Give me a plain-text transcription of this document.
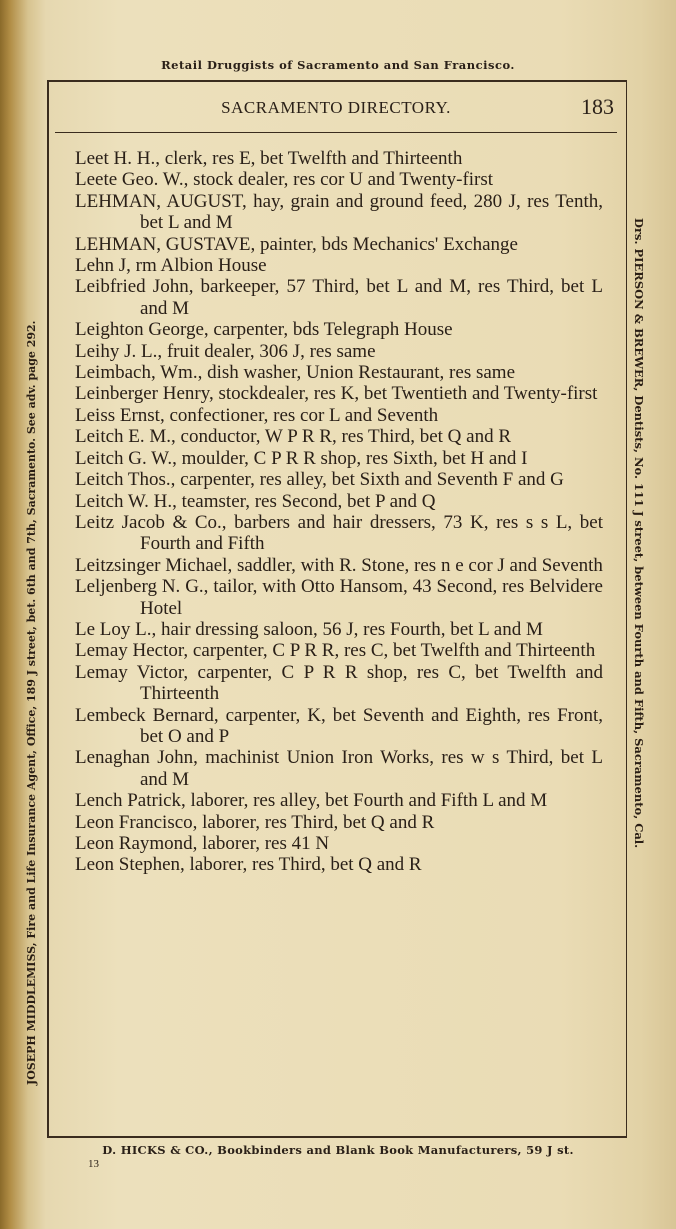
Retail Druggists of Sacramento and San Francisco.
SACRAMENTO DIRECTORY.	183
Leet H. H., clerk, res E, bet Twelfth and Thirteenth
Leete Geo. W., stock dealer, res cor U and Twenty-first
LEHMAN, AUGUST, hay, grain and ground feed, 280 J, res Tenth, bet L and M
LEHMAN, GUSTAVE, painter, bds Mechanics' Exchange
Lehn J, rm Albion House
Leibfried John, barkeeper, 57 Third, bet L and M, res Third, bet L and M
Leighton George, carpenter, bds Telegraph House
Leihy J. L., fruit dealer, 306 J, res same
Leimbach, Wm., dish washer, Union Restaurant, res same
Leinberger Henry, stockdealer, res K, bet Twentieth and Twenty-first
Leiss Ernst, confectioner, res cor L and Seventh
Leitch E. M., conductor, W P R R, res Third, bet Q and R
Leitch G. W., moulder, C P R R shop, res Sixth, bet H and I
Leitch Thos., carpenter, res alley, bet Sixth and Seventh F and G
Leitch W. H., teamster, res Second, bet P and Q
Leitz Jacob & Co., barbers and hair dressers, 73 K, res s s L, bet Fourth and Fifth
Leitzsinger Michael, saddler, with R. Stone, res n e cor J and Seventh
Leljenberg N. G., tailor, with Otto Hansom, 43 Second, res Belvidere Hotel
Le Loy L., hair dressing saloon, 56 J, res Fourth, bet L and M
Lemay Hector, carpenter, C P R R, res C, bet Twelfth and Thirteenth
Lemay Victor, carpenter, C P R R shop, res C, bet Twelfth and Thirteenth
Lembeck Bernard, carpenter, K, bet Seventh and Eighth, res Front, bet O and P
Lenaghan John, machinist Union Iron Works, res w s Third, bet L and M
Lench Patrick, laborer, res alley, bet Fourth and Fifth L and M
Leon Francisco, laborer, res Third, bet Q and R
Leon Raymond, laborer, res 41 N
Leon Stephen, laborer, res Third, bet Q and R
JOSEPH MIDDLEMISS, Fire and Life Insurance Agent, Office, 189 J street, bet. 6th and 7th, Sacramento. See adv. page 292.	Drs. PIERSON & BREWER, Dentists, No. 111 J street, between Fourth and Fifth, Sacramento, Cal.
D. HICKS & CO., Bookbinders and Blank Book Manufacturers, 59 J st.
13
